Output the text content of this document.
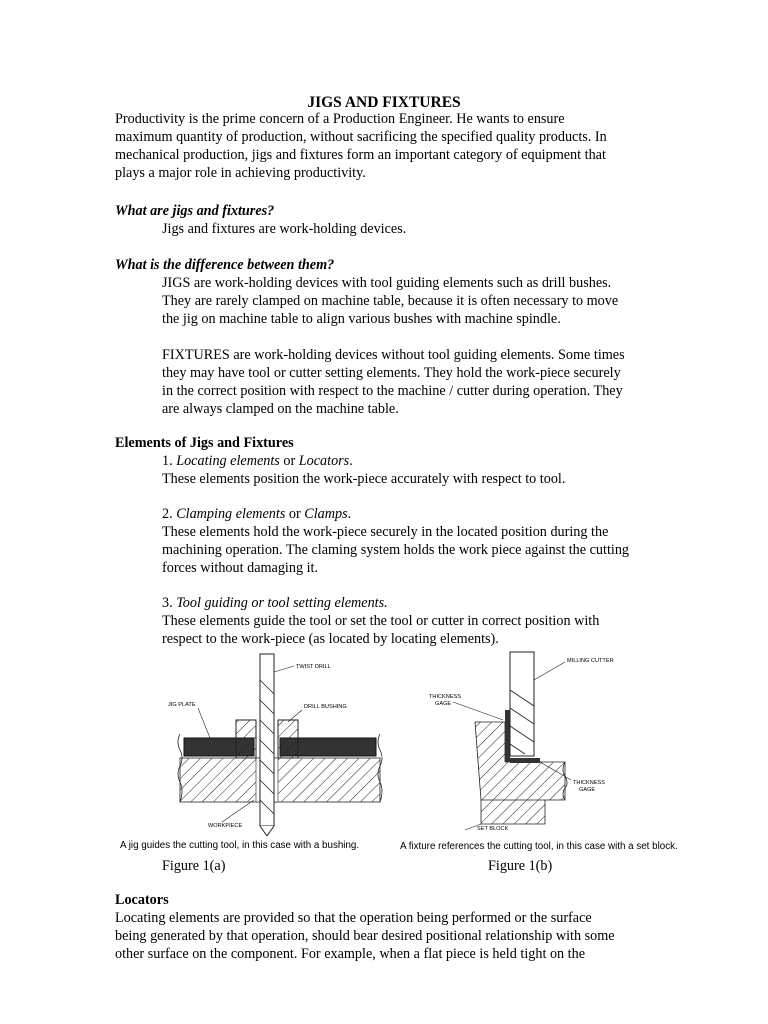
JIGS AND FIXTURES
Productivity is the prime concern of a Production Engineer. He wants to ensure
maximum quantity of production, without sacrificing the specified quality products. In
mechanical production, jigs and fixtures form an important category of equipment that
plays a major role in achieving productivity.
What are jigs and fixtures?
Jigs and fixtures are work-holding devices.
What is the difference between them?
JIGS are work-holding devices with tool guiding elements such as drill bushes.
They are rarely clamped on machine table, because it is often necessary to move
the jig on machine table to align various bushes with machine spindle.
FIXTURES are work-holding devices without tool guiding elements. Some times
they may have tool or cutter setting elements. They hold the work-piece securely
in the correct position with respect to the machine / cutter during operation. They
are always clamped on the machine table.
Elements of Jigs and Fixtures
1. Locating elements or Locators.
These elements position the work-piece accurately with respect to tool.
2. Clamping elements or Clamps.
These elements hold the work-piece securely in the located position during the
machining operation. The claming system holds the work piece against the cutting
forces without damaging it.
3. Tool guiding or tool setting elements.
These elements guide the tool or set the tool or cutter in correct position with
respect to the work-piece (as located by locating elements).
TWIST DRILL
JIG PLATE	DRILL BUSHING
WORKPIECE
A jig guides the cutting tool, in this case with a bushing.
Figure 1(a)
MILLING CUTTER
THICKNESS
GAGE
THICKNESS
GAGE
SET BLOCK
A fixture references the cutting tool, in this case with a set block.
Figure 1(b)
Locators
Locating elements are provided so that the operation being performed or the surface
being generated by that operation, should bear desired positional relationship with some
other surface on the component. For example, when a flat piece is held tight on the
